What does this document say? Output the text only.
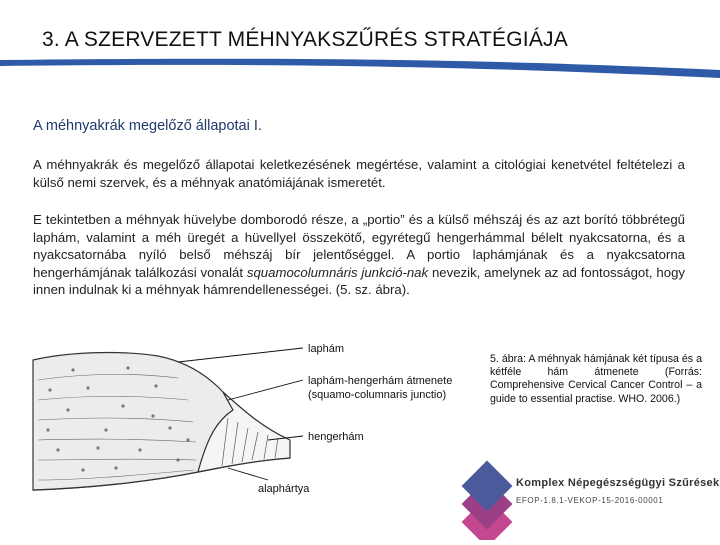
3. A SZERVEZETT MÉHNYAKSZŰRÉS STRATÉGIÁJA
A méhnyakrák megelőző állapotai I.
A méhnyakrák és megelőző állapotai keletkezésének megértése, valamint a citológiai kenetvétel feltételezi a külső nemi szervek, és a méhnyak anatómiájának ismeretét.
E tekintetben a méhnyak hüvelybe domborodó része, a „portio” és a külső méhszáj és az azt borító többrétegű laphám, valamint a méh üregét a hüvellyel összekötő, egyrétegű hengerhámmal bélelt nyakcsatorna, és a nyakcsatornába nyíló belső méhszáj bír jelentőséggel. A portio laphámjának és a nyakcsatorna hengerhámjának találkozási vonalát squamocolumnáris junkció-nak nevezik, amelynek az ad fontosságot, hogy innen indulnak ki a méhnyak hámrendellenességei. (5. sz. ábra).
laphám
laphám-hengerhám átmenete
(squamo-columnaris junctio)
hengerhám
alaphártya
5. ábra: A méhnyak hámjának két típusa és a kétféle hám átmenete (Forrás: Comprehensive Cervical Cancer Control – a guide to essential practise. WHO. 2006.)
Komplex Népegészségügyi Szűrések
EFOP-1.8.1-VEKOP-15-2016-00001
